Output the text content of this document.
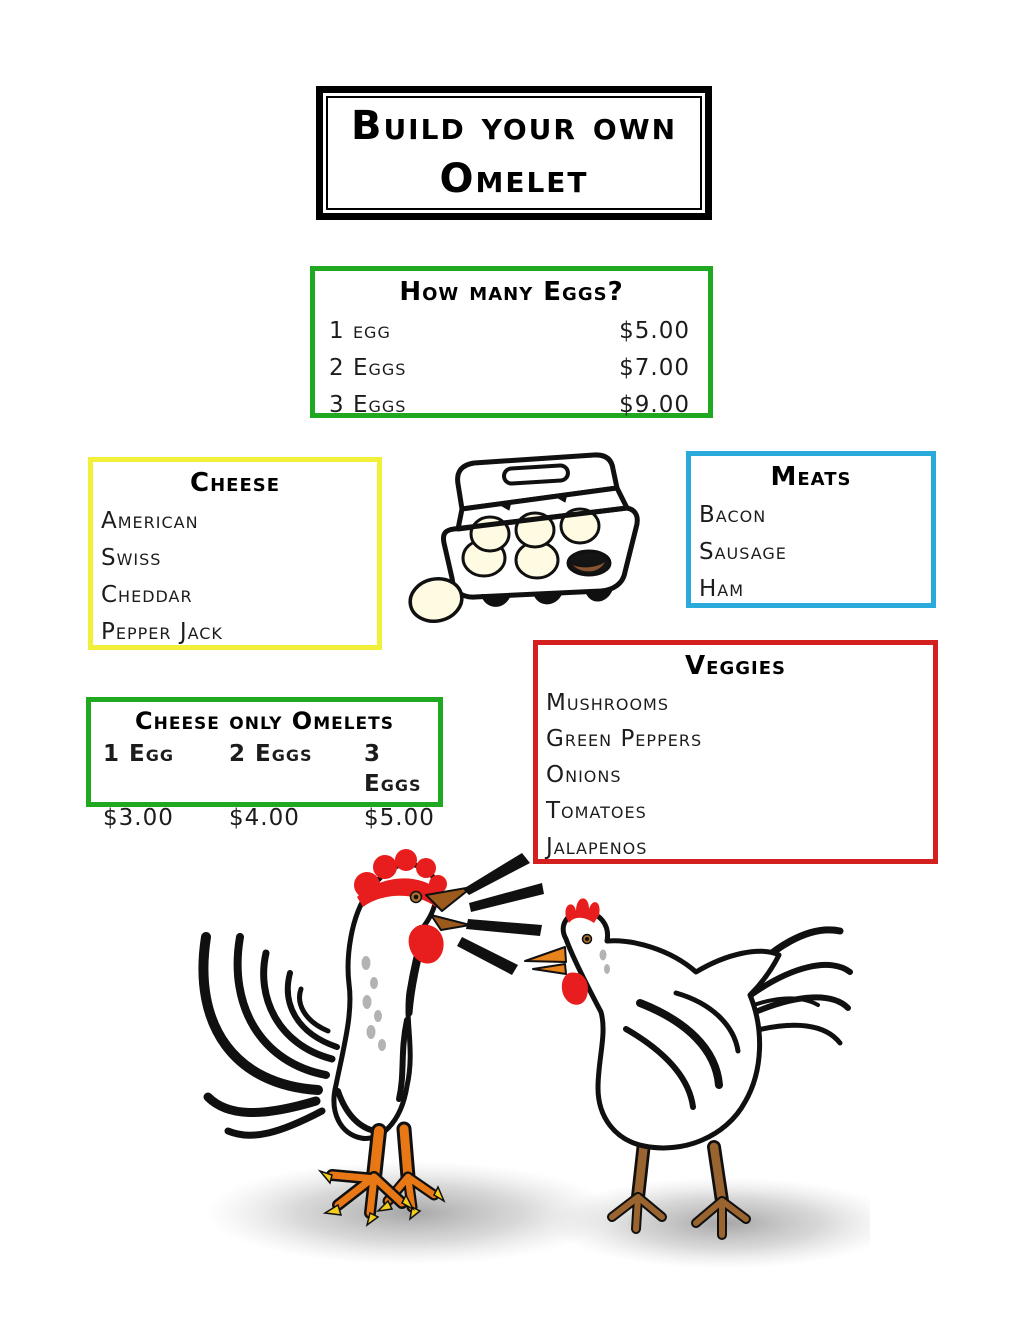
Build your own
Omelet
How many Eggs?
1 egg	$5.00
2 Eggs	$7.00
3 Eggs	$9.00
Cheese
American
Swiss
Cheddar
Pepper Jack
Meats
Bacon
Sausage
Ham
Veggies
Mushrooms
Green Peppers
Onions
Tomatoes
Jalapenos
Cheese only Omelets
1 Egg	2 Eggs	3 Eggs
$3.00	$4.00	$5.00
